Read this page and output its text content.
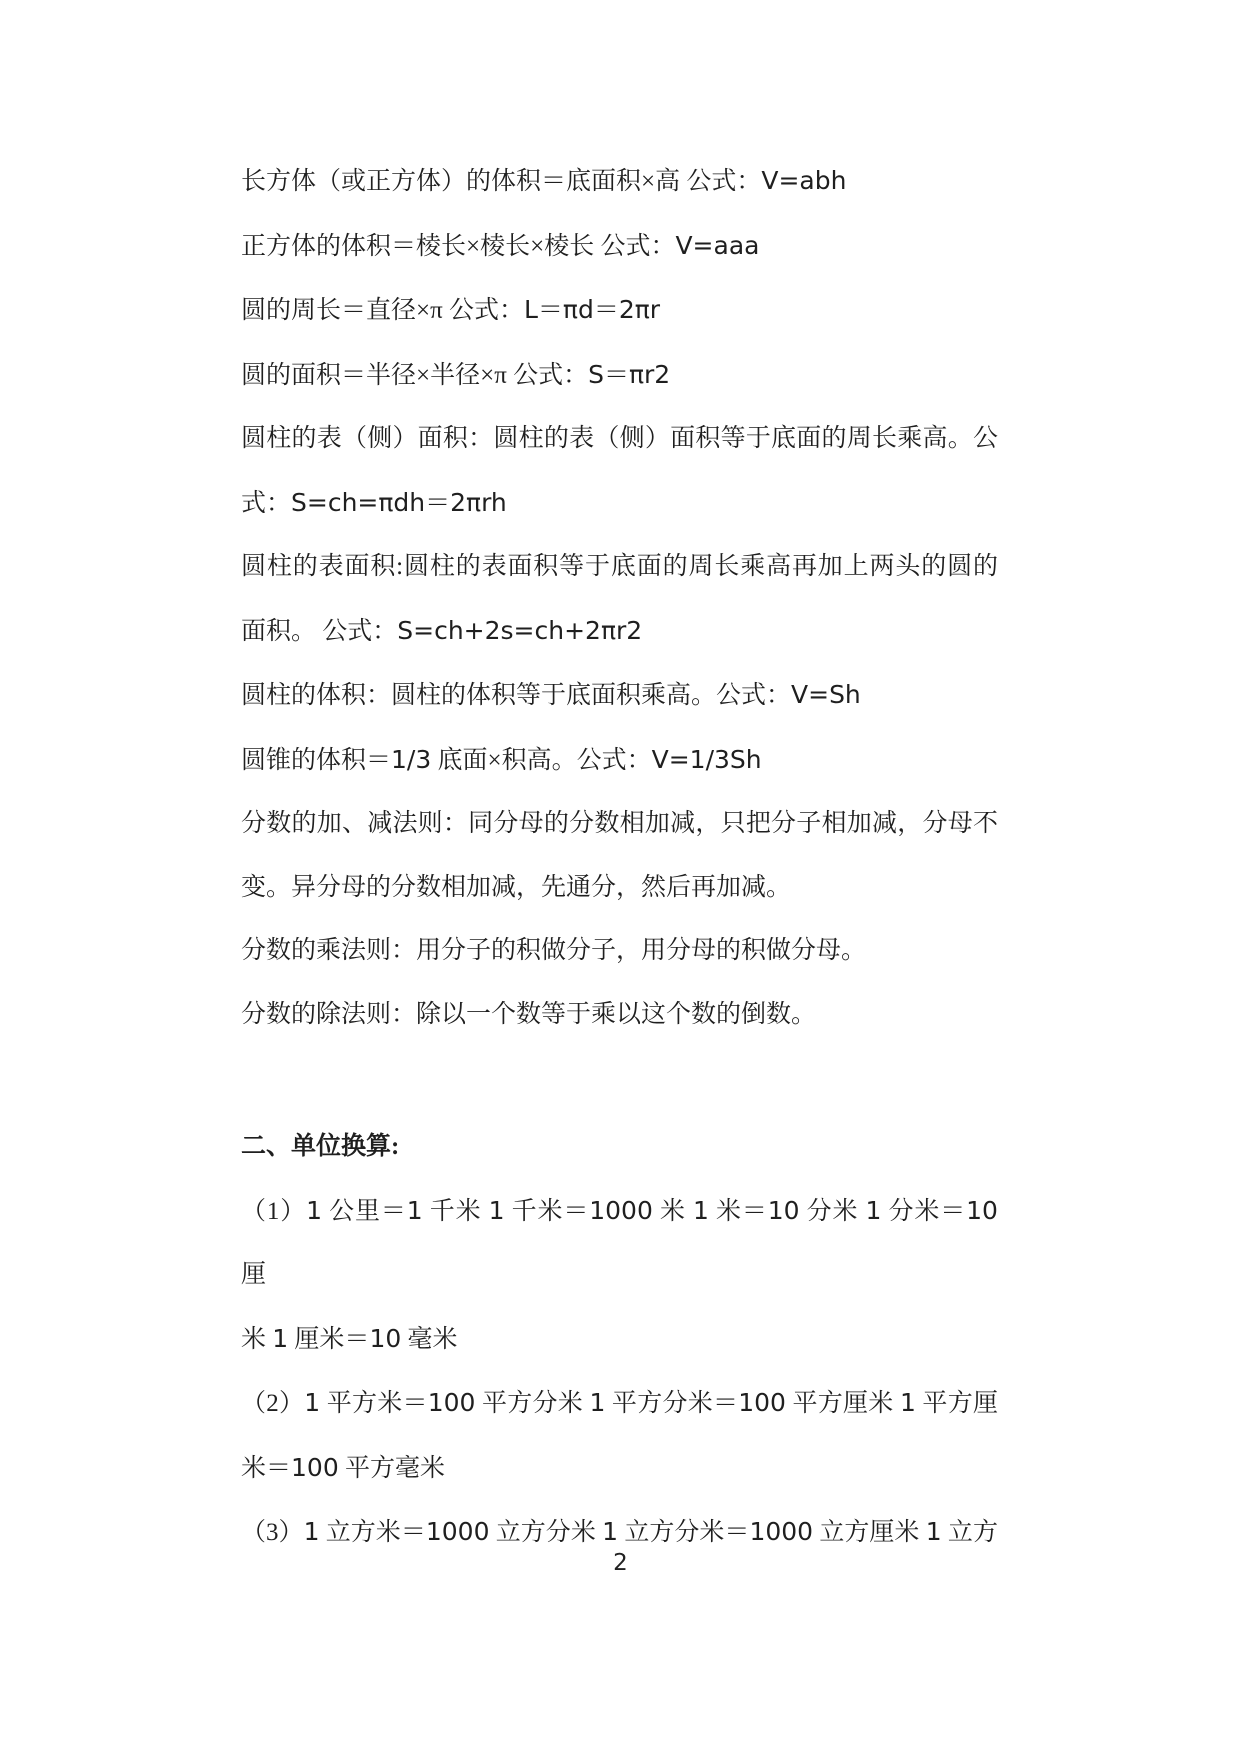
长方体（或正方体）的体积＝底面积×高 公式：V=abh

正方体的体积＝棱长×棱长×棱长 公式：V=aaa

圆的周长＝直径×π 公式：L＝πd＝2πr

圆的面积＝半径×半径×π 公式：S＝πr2

圆柱的表（侧）面积：圆柱的表（侧）面积等于底面的周长乘高。公

式：S=ch=πdh＝2πrh

圆柱的表面积:圆柱的表面积等于底面的周长乘高再加上两头的圆的

面积。 公式：S=ch+2s=ch+2πr2

圆柱的体积：圆柱的体积等于底面积乘高。公式：V=Sh

圆锥的体积＝1/3 底面×积高。公式：V=1/3Sh

分数的加、减法则：同分母的分数相加减，只把分子相加减，分母不

变。异分母的分数相加减，先通分，然后再加减。

分数的乘法则：用分子的积做分子，用分母的积做分母。

分数的除法则：除以一个数等于乘以这个数的倒数。

二、单位换算:

（1）1 公里＝1 千米 1 千米＝1000 米 1 米＝10 分米 1 分米＝10 厘

米 1 厘米＝10 毫米

（2）1 平方米＝100 平方分米 1 平方分米＝100 平方厘米 1 平方厘

米＝100 平方毫米

（3）1 立方米＝1000 立方分米 1 立方分米＝1000 立方厘米 1 立方

2
